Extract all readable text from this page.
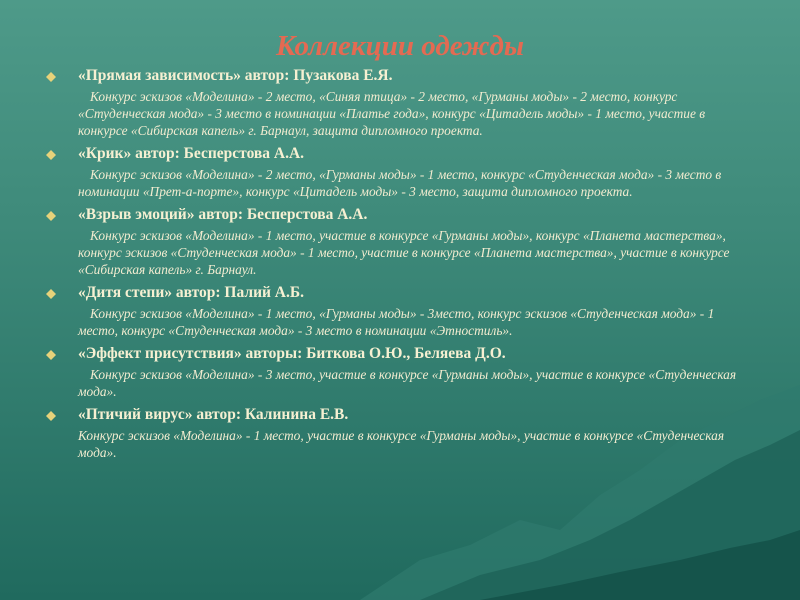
Коллекции одежды
«Прямая зависимость» автор: Пузакова Е.Я.
Конкурс эскизов «Моделина» - 2 место, «Синяя птица» - 2 место, «Гурманы моды» - 2 место, конкурс «Студенческая мода» - 3 место в номинации «Платье года», конкурс «Цитадель моды» - 1 место, участие в конкурсе «Сибирская капель» г. Барнаул, защита дипломного проекта.
«Крик» автор: Бесперстова А.А.
Конкурс эскизов «Моделина» - 2 место, «Гурманы моды» - 1 место, конкурс «Студенческая мода» - 3 место в номинации «Прет-а-порте», конкурс «Цитадель моды» - 3 место, защита дипломного проекта.
«Взрыв эмоций» автор: Бесперстова А.А.
Конкурс эскизов «Моделина» - 1 место, участие в конкурсе «Гурманы моды», конкурс «Планета мастерства», конкурс эскизов «Студенческая мода» - 1 место, участие в конкурсе «Планета мастерства», участие в конкурсе «Сибирская капель» г. Барнаул.
«Дитя степи» автор: Палий А.Б.
Конкурс эскизов «Моделина» - 1 место, «Гурманы моды» - 3место, конкурс эскизов «Студенческая мода» - 1 место, конкурс «Студенческая мода» - 3 место в номинации «Этностиль».
«Эффект присутствия» авторы: Биткова О.Ю., Беляева Д.О.
Конкурс эскизов «Моделина» - 3 место, участие в конкурсе «Гурманы моды», участие в конкурсе «Студенческая мода».
«Птичий вирус» автор: Калинина Е.В.
Конкурс эскизов «Моделина» - 1 место, участие в конкурсе «Гурманы моды», участие в конкурсе «Студенческая мода».
